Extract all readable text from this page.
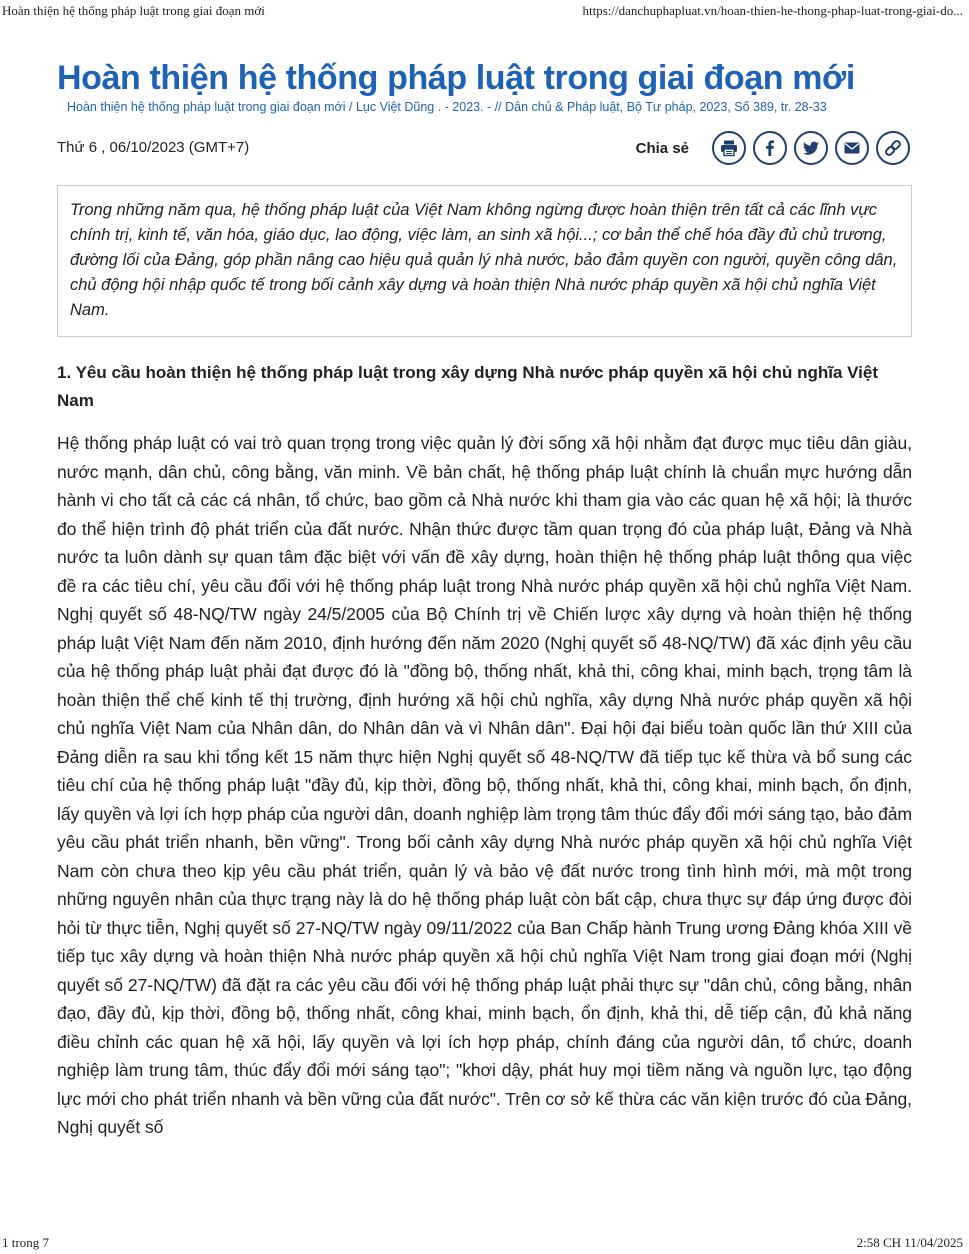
Hoàn thiện hệ thống pháp luật trong giai đoạn mới	https://danchuphapluat.vn/hoan-thien-he-thong-phap-luat-trong-giai-do...
Hoàn thiện hệ thống pháp luật trong giai đoạn mới
Hoàn thiện hệ thống pháp luật trong giai đoạn mới / Lục Việt Dũng . - 2023. - // Dân chủ & Pháp luật, Bộ Tư pháp, 2023, Số 389, tr. 28-33
Thứ 6 , 06/10/2023 (GMT+7)	Chia sẻ
Trong những năm qua, hệ thống pháp luật của Việt Nam không ngừng được hoàn thiện trên tất cả các lĩnh vực chính trị, kinh tế, văn hóa, giáo dục, lao động, việc làm, an sinh xã hội...; cơ bản thể chế hóa đầy đủ chủ trương, đường lối của Đảng, góp phần nâng cao hiệu quả quản lý nhà nước, bảo đảm quyền con người, quyền công dân, chủ động hội nhập quốc tế trong bối cảnh xây dựng và hoàn thiện Nhà nước pháp quyền xã hội chủ nghĩa Việt Nam.
1. Yêu cầu hoàn thiện hệ thống pháp luật trong xây dựng Nhà nước pháp quyền xã hội chủ nghĩa Việt Nam
Hệ thống pháp luật có vai trò quan trọng trong việc quản lý đời sống xã hội nhằm đạt được mục tiêu dân giàu, nước mạnh, dân chủ, công bằng, văn minh. Về bản chất, hệ thống pháp luật chính là chuẩn mực hướng dẫn hành vi cho tất cả các cá nhân, tổ chức, bao gồm cả Nhà nước khi tham gia vào các quan hệ xã hội; là thước đo thể hiện trình độ phát triển của đất nước. Nhận thức được tầm quan trọng đó của pháp luật, Đảng và Nhà nước ta luôn dành sự quan tâm đặc biệt với vấn đề xây dựng, hoàn thiện hệ thống pháp luật thông qua việc đề ra các tiêu chí, yêu cầu đối với hệ thống pháp luật trong Nhà nước pháp quyền xã hội chủ nghĩa Việt Nam. Nghị quyết số 48-NQ/TW ngày 24/5/2005 của Bộ Chính trị về Chiến lược xây dựng và hoàn thiện hệ thống pháp luật Việt Nam đến năm 2010, định hướng đến năm 2020 (Nghị quyết số 48-NQ/TW) đã xác định yêu cầu của hệ thống pháp luật phải đạt được đó là "đồng bộ, thống nhất, khả thi, công khai, minh bạch, trọng tâm là hoàn thiện thể chế kinh tế thị trường, định hướng xã hội chủ nghĩa, xây dựng Nhà nước pháp quyền xã hội chủ nghĩa Việt Nam của Nhân dân, do Nhân dân và vì Nhân dân". Đại hội đại biểu toàn quốc lần thứ XIII của Đảng diễn ra sau khi tổng kết 15 năm thực hiện Nghị quyết số 48-NQ/TW đã tiếp tục kế thừa và bổ sung các tiêu chí của hệ thống pháp luật "đầy đủ, kịp thời, đồng bộ, thống nhất, khả thi, công khai, minh bạch, ổn định, lấy quyền và lợi ích hợp pháp của người dân, doanh nghiệp làm trọng tâm thúc đẩy đổi mới sáng tạo, bảo đảm yêu cầu phát triển nhanh, bền vững". Trong bối cảnh xây dựng Nhà nước pháp quyền xã hội chủ nghĩa Việt Nam còn chưa theo kịp yêu cầu phát triển, quản lý và bảo vệ đất nước trong tình hình mới, mà một trong những nguyên nhân của thực trạng này là do hệ thống pháp luật còn bất cập, chưa thực sự đáp ứng được đòi hỏi từ thực tiễn, Nghị quyết số 27-NQ/TW ngày 09/11/2022 của Ban Chấp hành Trung ương Đảng khóa XIII về tiếp tục xây dựng và hoàn thiện Nhà nước pháp quyền xã hội chủ nghĩa Việt Nam trong giai đoạn mới (Nghị quyết số 27-NQ/TW) đã đặt ra các yêu cầu đối với hệ thống pháp luật phải thực sự "dân chủ, công bằng, nhân đạo, đầy đủ, kịp thời, đồng bộ, thống nhất, công khai, minh bạch, ổn định, khả thi, dễ tiếp cận, đủ khả năng điều chỉnh các quan hệ xã hội, lấy quyền và lợi ích hợp pháp, chính đáng của người dân, tổ chức, doanh nghiệp làm trung tâm, thúc đẩy đổi mới sáng tạo"; "khơi dậy, phát huy mọi tiềm năng và nguồn lực, tạo động lực mới cho phát triển nhanh và bền vững của đất nước". Trên cơ sở kế thừa các văn kiện trước đó của Đảng, Nghị quyết số
1 trong 7	2:58 CH 11/04/2025
